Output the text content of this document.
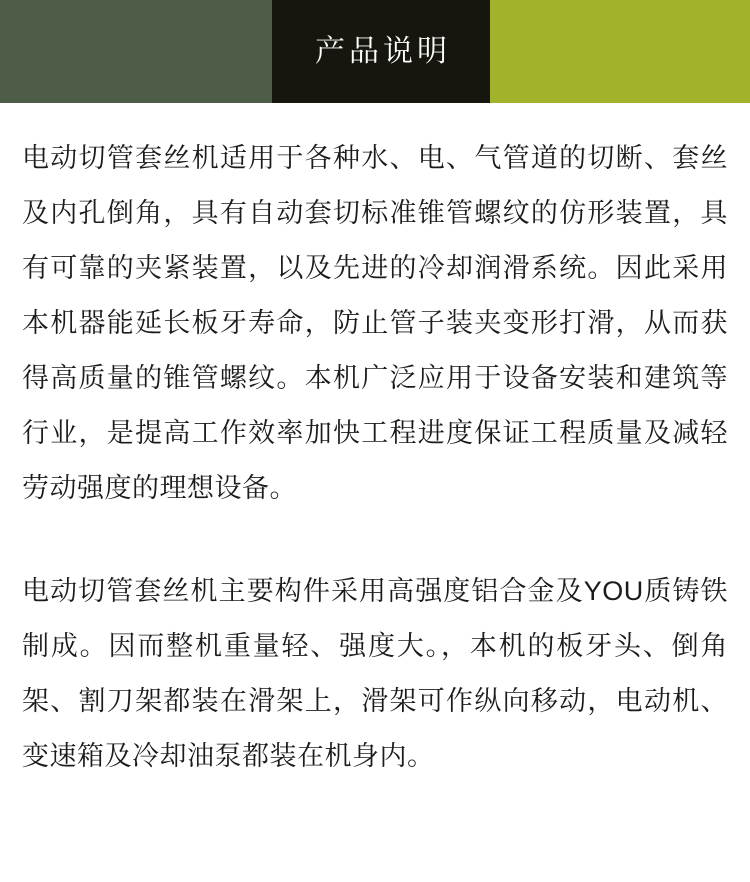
产品说明

电动切管套丝机适用于各种水、电、气管道的切断、套丝及内孔倒角，具有自动套切标准锥管螺纹的仿形装置，具有可靠的夹紧装置，以及先进的冷却润滑系统。因此采用本机器能延长板牙寿命，防止管子装夹变形打滑，从而获得高质量的锥管螺纹。本机广泛应用于设备安装和建筑等行业，是提高工作效率加快工程进度保证工程质量及减轻劳动强度的理想设备。

电动切管套丝机主要构件采用高强度铝合金及YOU质铸铁制成。因而整机重量轻、强度大。，本机的板牙头、倒角架、割刀架都装在滑架上，滑架可作纵向移动，电动机、变速箱及冷却油泵都装在机身内。
